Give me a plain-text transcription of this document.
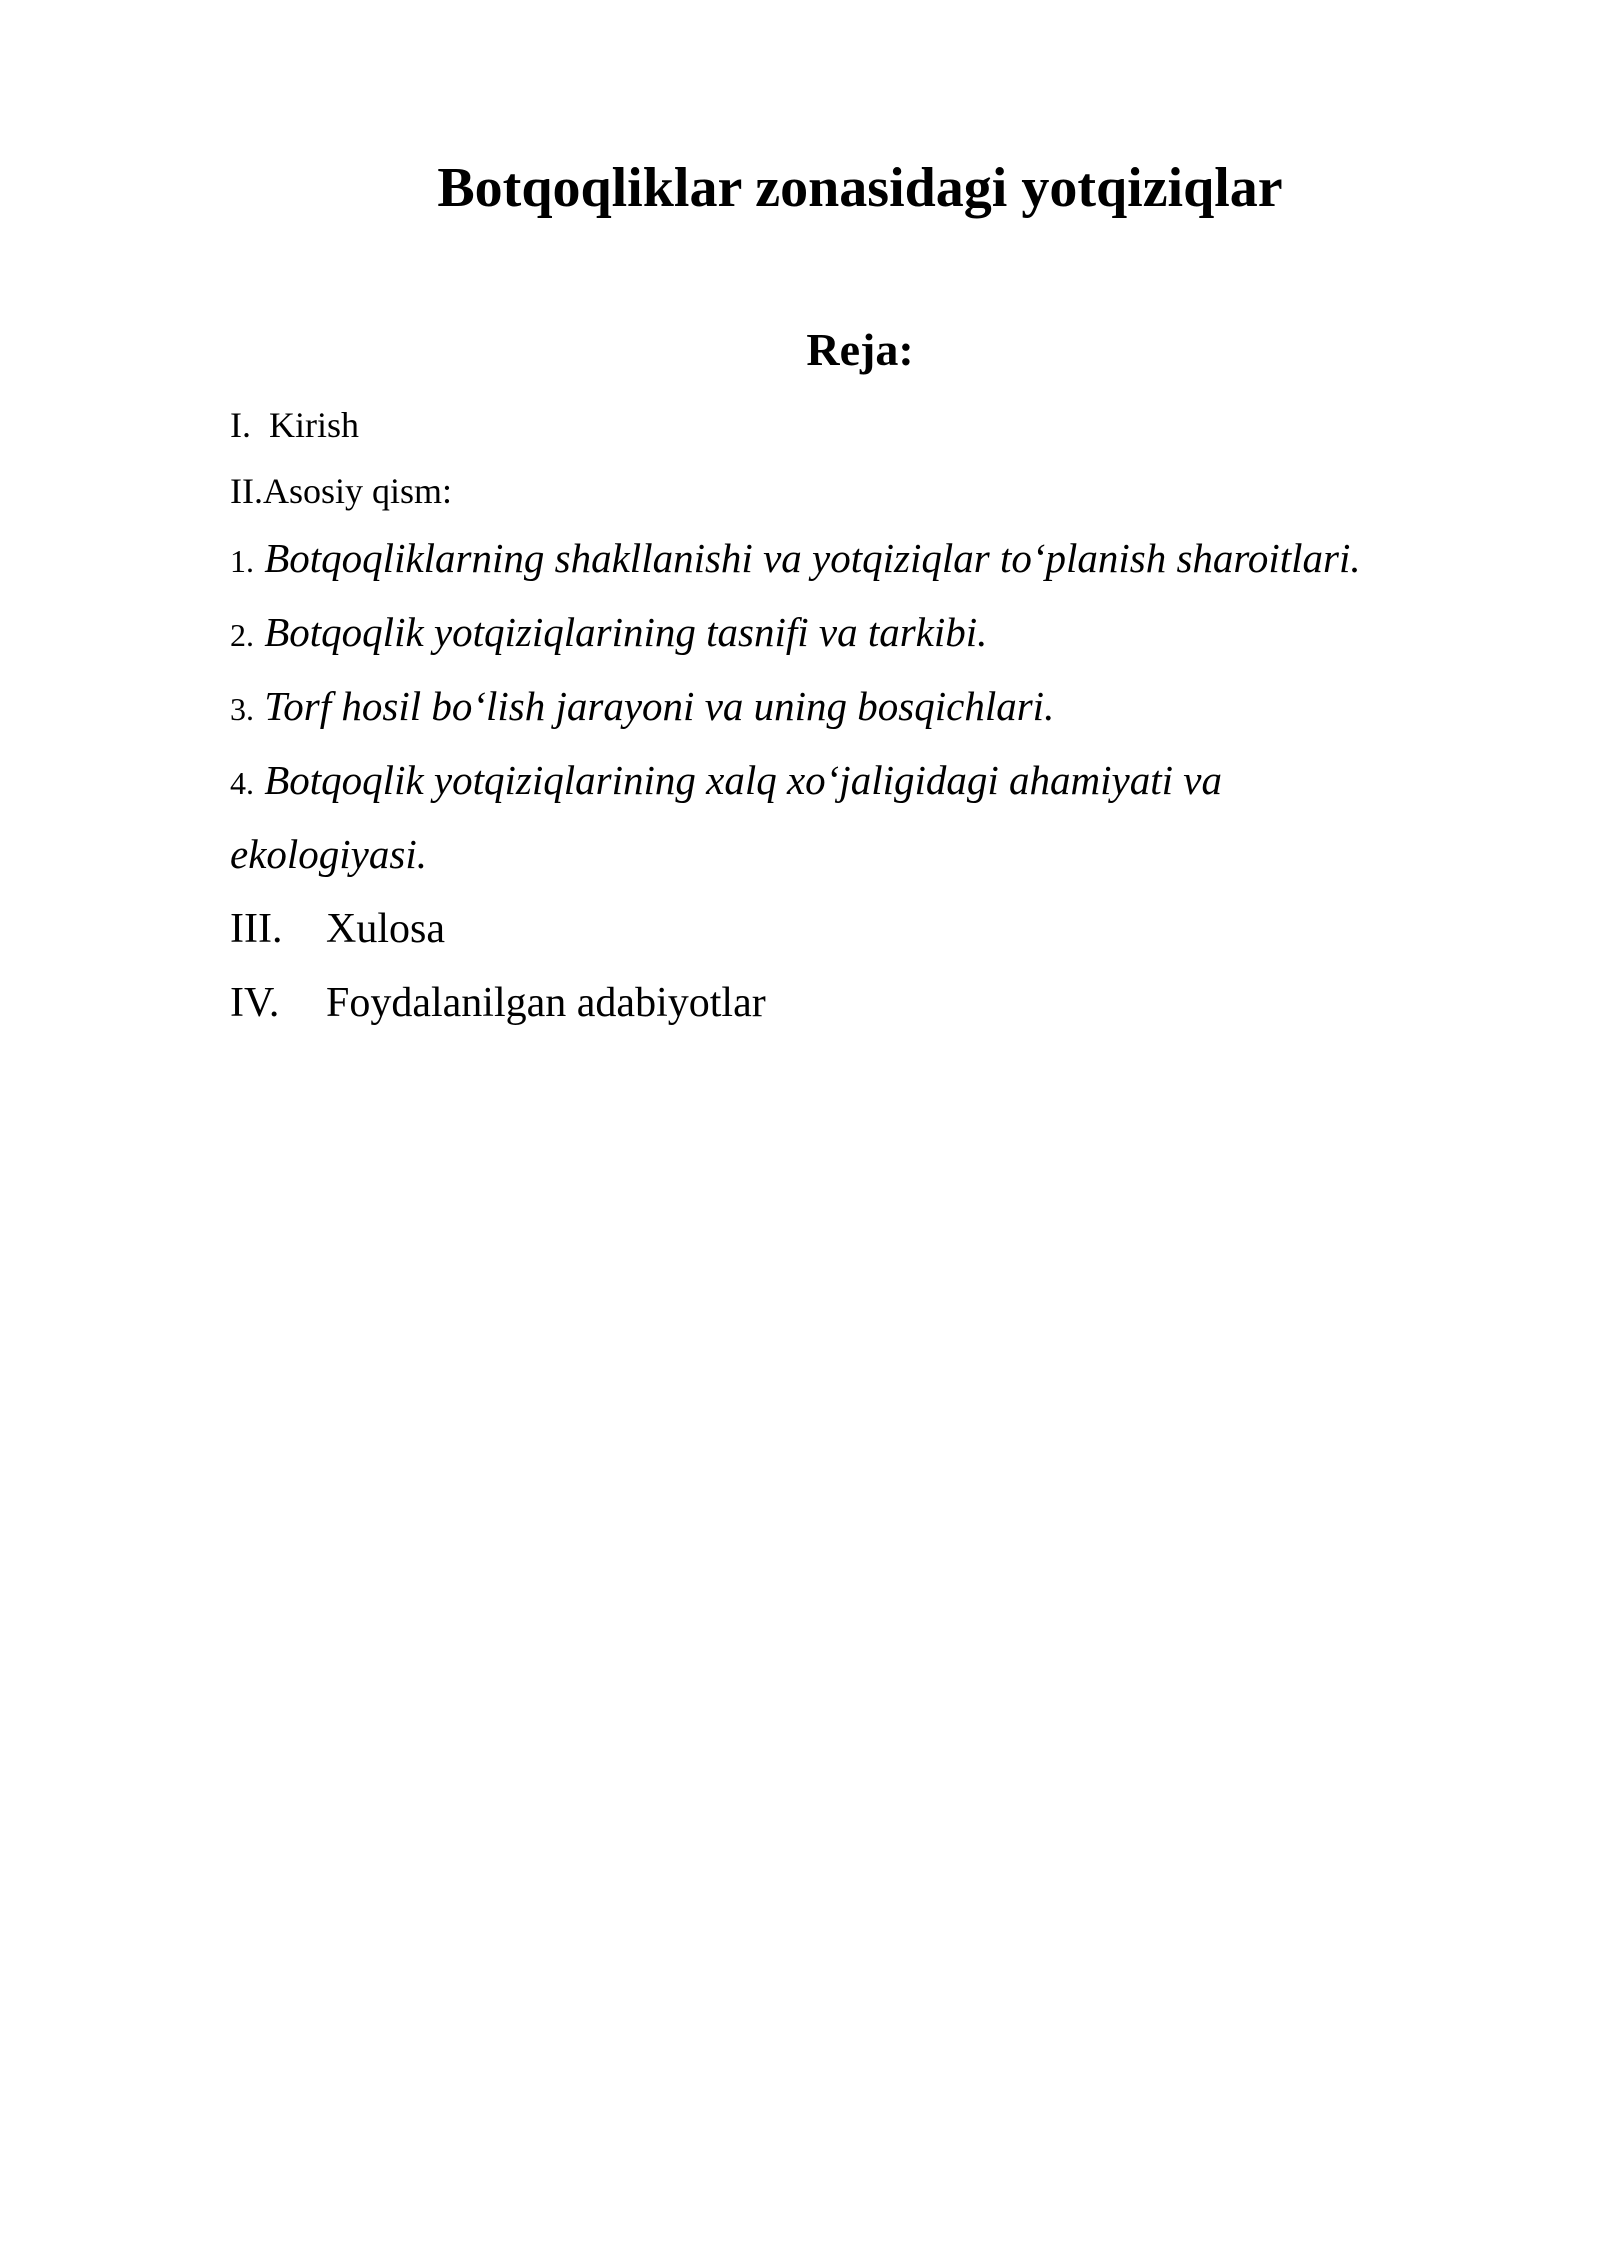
Botqoqliklar zonasidagi yotqiziqlar
Reja:
I. Kirish
II.Asosiy qism:
1. Botqoqliklarning shakllanishi va yotqiziqlar to‘planish sharoitlari.
2. Botqoqlik yotqiziqlarining tasnifi va tarkibi.
3. Torf hosil bo‘lish jarayoni va uning bosqichlari.
4. Botqoqlik yotqiziqlarining xalq xo‘jaligidagi ahamiyati va
ekologiyasi.
III. Xulosa
IV. Foydalanilgan adabiyotlar
